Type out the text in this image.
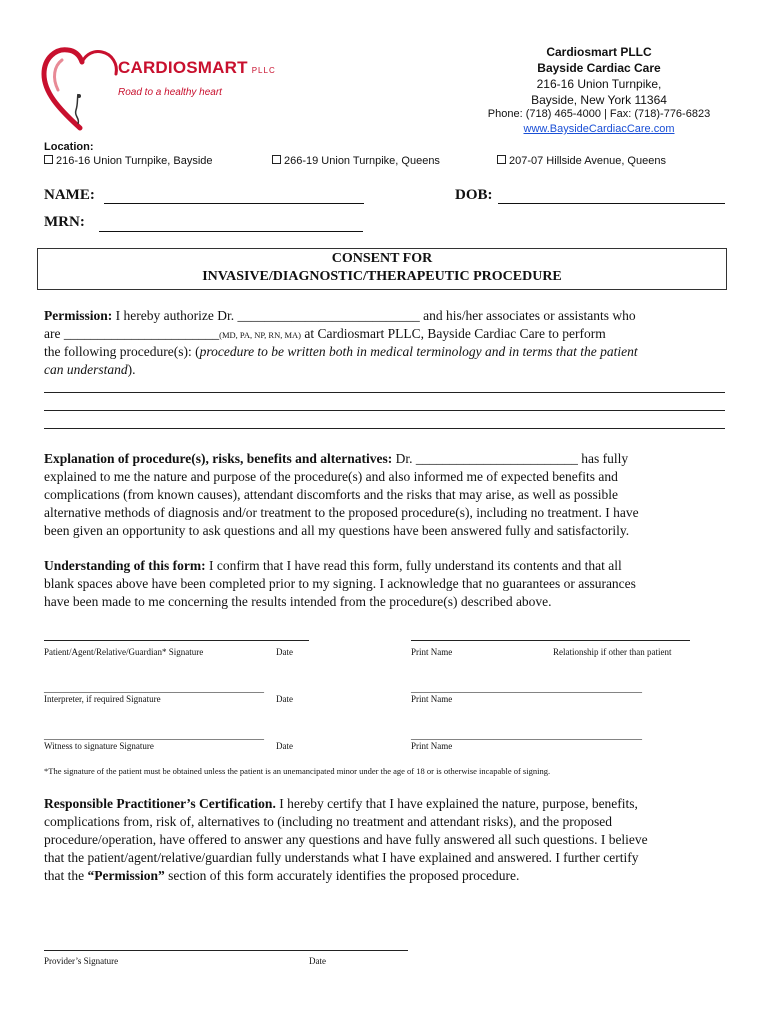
CARDIOSMART PLLC
Road to a healthy heart
Cardiosmart PLLC
Bayside Cardiac Care
216-16 Union Turnpike,
Bayside, New York 11364
Phone: (718) 465-4000 | Fax: (718)-776-6823
www.BaysideCardiacCare.com
Location:
216-16 Union Turnpike, Bayside	266-19 Union Turnpike, Queens	207-07 Hillside Avenue, Queens
NAME:	DOB:
MRN:
CONSENT FOR
INVASIVE/DIAGNOSTIC/THERAPEUTIC PROCEDURE
Permission: I hereby authorize Dr. ___________________________ and his/her associates or assistants who
are _______________________(MD, PA, NP, RN, MA) at Cardiosmart PLLC, Bayside Cardiac Care to perform
the following procedure(s): (procedure to be written both in medical terminology and in terms that the patient
can understand).
Explanation of procedure(s), risks, benefits and alternatives: Dr. ________________________ has fully
explained to me the nature and purpose of the procedure(s) and also informed me of expected benefits and
complications (from known causes), attendant discomforts and the risks that may arise, as well as possible
alternative methods of diagnosis and/or treatment to the proposed procedure(s), including no treatment. I have
been given an opportunity to ask questions and all my questions have been answered fully and satisfactorily.
Understanding of this form: I confirm that I have read this form, fully understand its contents and that all
blank spaces above have been completed prior to my signing. I acknowledge that no guarantees or assurances
have been made to me concerning the results intended from the procedure(s) described above.
Patient/Agent/Relative/Guardian* Signature	Date	Print Name	Relationship if other than patient
________________________________________	__________________________________________
Interpreter, if required Signature	Date	Print Name
________________________________________	__________________________________________
Witness to signature Signature	Date	Print Name
*The signature of the patient must be obtained unless the patient is an unemancipated minor under the age of 18 or is otherwise incapable of signing.
Responsible Practitioner’s Certification. I hereby certify that I have explained the nature, purpose, benefits,
complications from, risk of, alternatives to (including no treatment and attendant risks), and the proposed
procedure/operation, have offered to answer any questions and have fully answered all such questions. I believe
that the patient/agent/relative/guardian fully understands what I have explained and answered. I further certify
that the “Permission” section of this form accurately identifies the proposed procedure.
Provider’s Signature	Date
